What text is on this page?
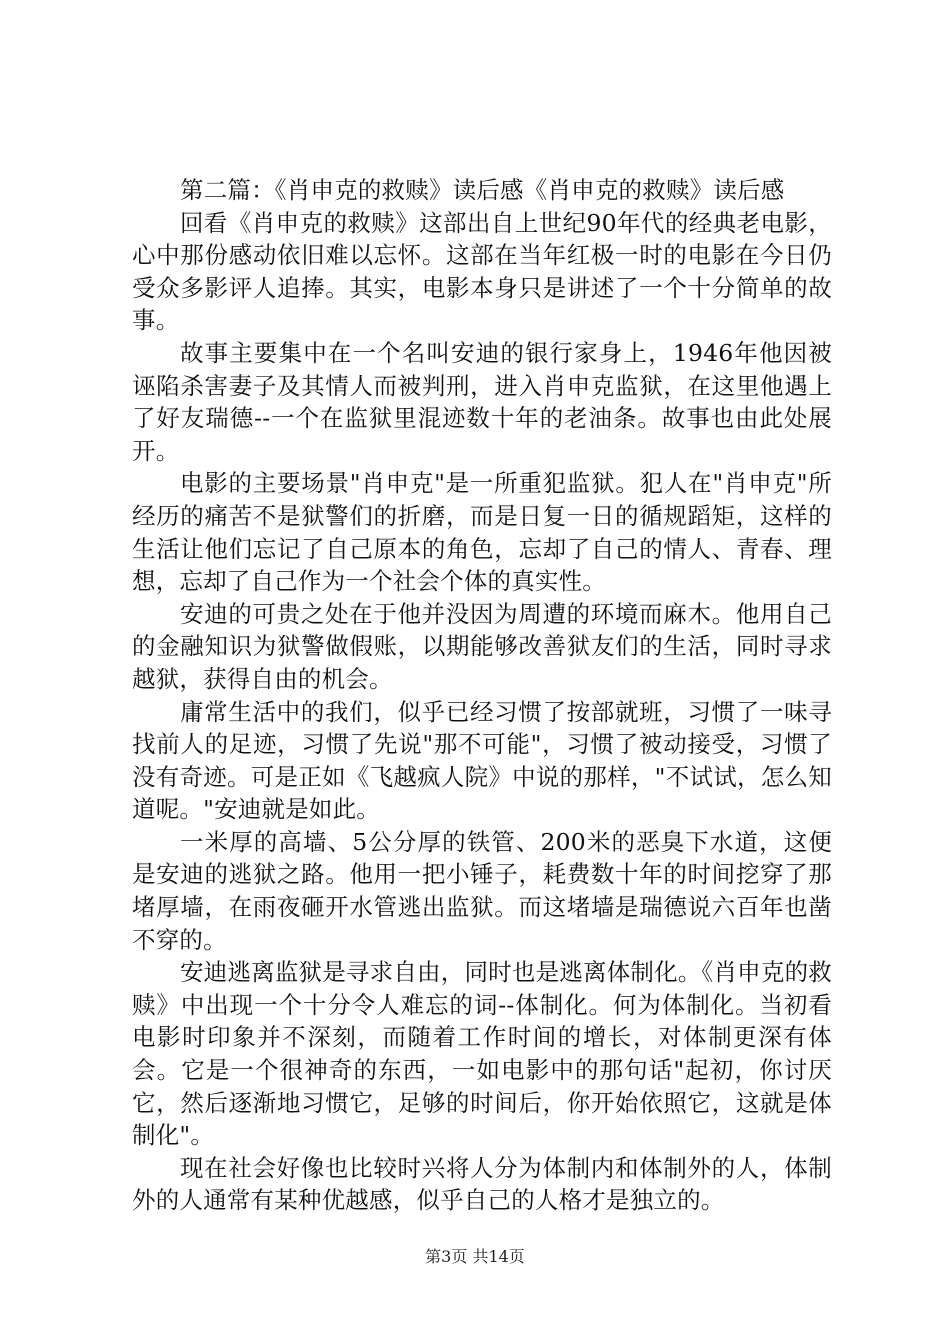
第二篇：《肖申克的救赎》读后感《肖申克的救赎》读后感

回看《肖申克的救赎》这部出自上世纪90年代的经典老电影，心中那份感动依旧难以忘怀。这部在当年红极一时的电影在今日仍受众多影评人追捧。其实，电影本身只是讲述了一个十分简单的故事。

故事主要集中在一个名叫安迪的银行家身上，1946年他因被诬陷杀害妻子及其情人而被判刑，进入肖申克监狱，在这里他遇上了好友瑞德--一个在监狱里混迹数十年的老油条。故事也由此处展开。

电影的主要场景"肖申克"是一所重犯监狱。犯人在"肖申克"所经历的痛苦不是狱警们的折磨，而是日复一日的循规蹈矩，这样的生活让他们忘记了自己原本的角色，忘却了自己的情人、青春、理想，忘却了自己作为一个社会个体的真实性。

安迪的可贵之处在于他并没因为周遭的环境而麻木。他用自己的金融知识为狱警做假账，以期能够改善狱友们的生活，同时寻求越狱，获得自由的机会。

庸常生活中的我们，似乎已经习惯了按部就班，习惯了一味寻找前人的足迹，习惯了先说"那不可能"，习惯了被动接受，习惯了没有奇迹。可是正如《飞越疯人院》中说的那样，"不试试，怎么知道呢。"安迪就是如此。

一米厚的高墙、5公分厚的铁管、200米的恶臭下水道，这便是安迪的逃狱之路。他用一把小锤子，耗费数十年的时间挖穿了那堵厚墙，在雨夜砸开水管逃出监狱。而这堵墙是瑞德说六百年也凿不穿的。

安迪逃离监狱是寻求自由，同时也是逃离体制化。《肖申克的救赎》中出现一个十分令人难忘的词--体制化。何为体制化。当初看电影时印象并不深刻，而随着工作时间的增长，对体制更深有体会。它是一个很神奇的东西，一如电影中的那句话"起初，你讨厌它，然后逐渐地习惯它，足够的时间后，你开始依照它，这就是体制化"。

现在社会好像也比较时兴将人分为体制内和体制外的人，体制外的人通常有某种优越感，似乎自己的人格才是独立的。

第3页 共14页
